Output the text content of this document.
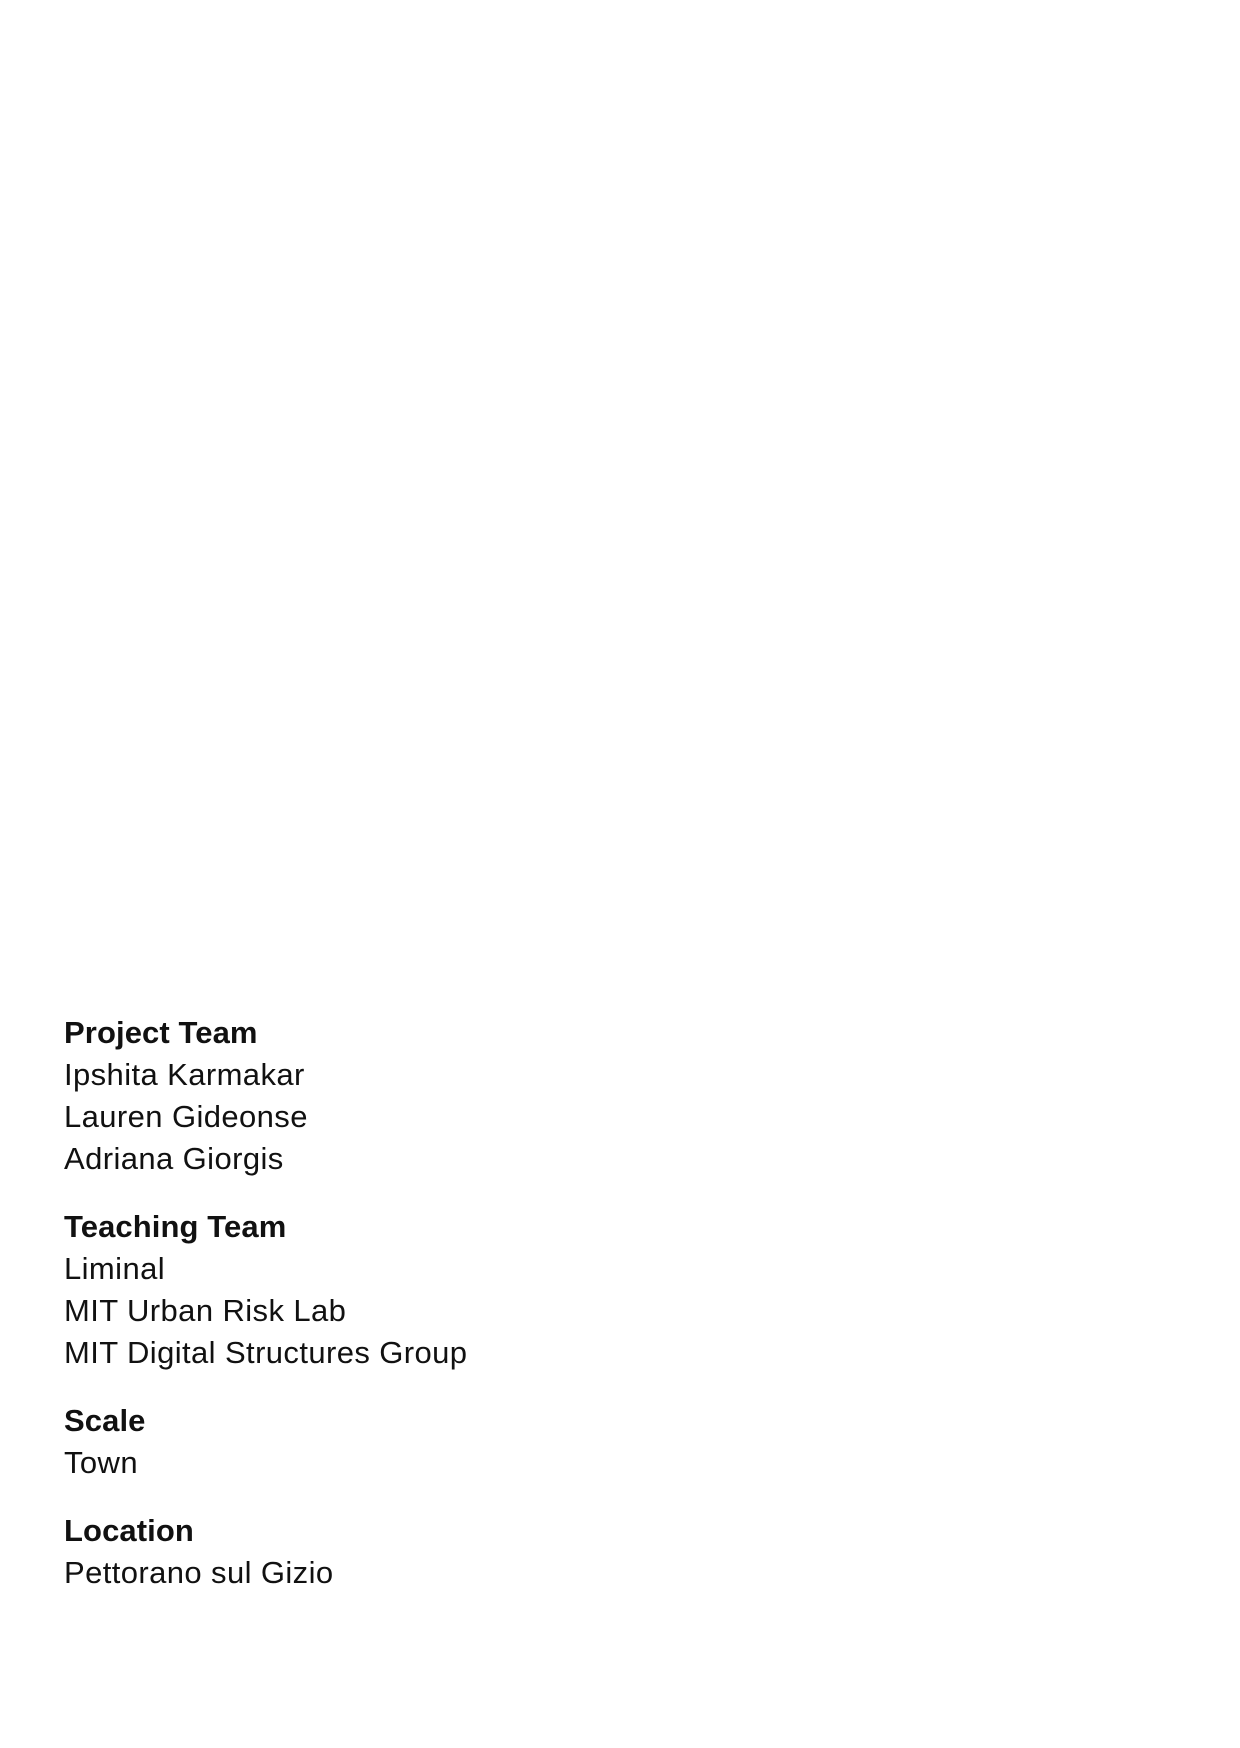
Project Team
Ipshita Karmakar
Lauren Gideonse
Adriana Giorgis
Teaching Team
Liminal
MIT Urban Risk Lab
MIT Digital Structures Group
Scale
Town
Location
Pettorano sul Gizio
